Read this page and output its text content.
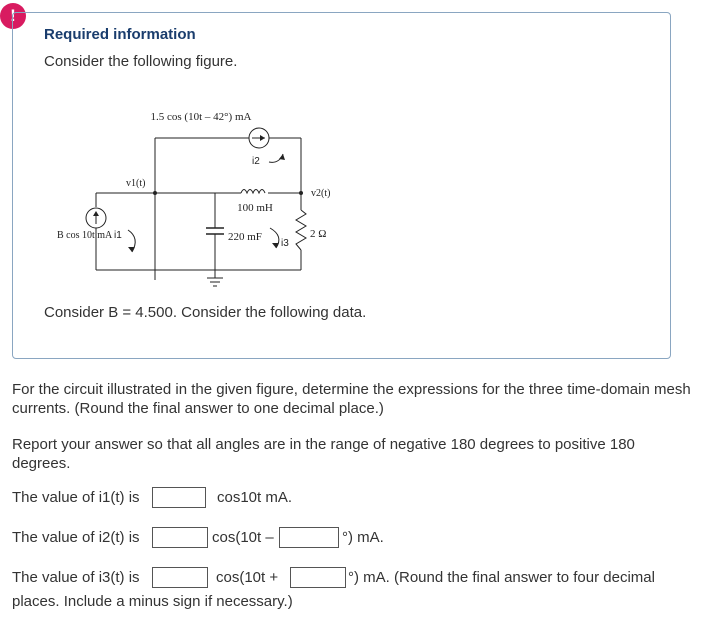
!
Required information
Consider the following figure.
1.5 cos (10t – 42°) mA
100 mH
i2
v1(t)
v2(t)
B cos 10t mA i1	220 mF
i3
2 Ω
Consider B = 4.500. Consider the following data.
For the circuit illustrated in the given figure, determine the expressions for the three time-domain mesh currents. (Round the final answer to one decimal place.)
Report your answer so that all angles are in the range of negative 180 degrees to positive 180 degrees.
The value of i1(t) is	cos10t mA.
The value of i2(t) is	cos(10t –	°) mA.
The value of i3(t) is	cos(10t +	°) mA. (Round the final answer to four decimal
places. Include a minus sign if necessary.)
